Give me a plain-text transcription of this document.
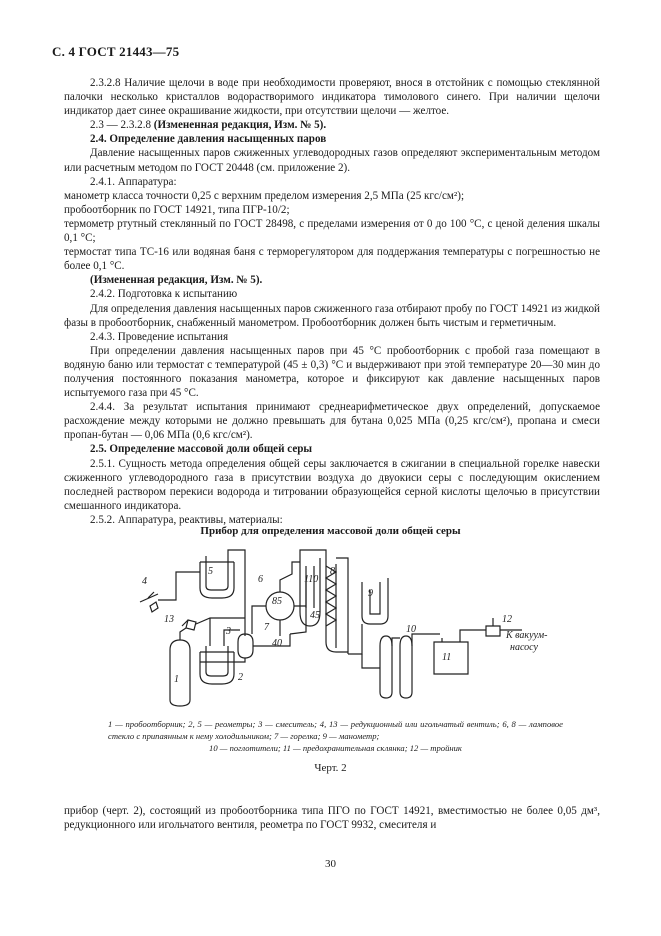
С. 4 ГОСТ 21443—75

2.3.2.8 Наличие щелочи в воде при необходимости проверяют, внося в отстойник с помощью стеклянной палочки несколько кристаллов водорастворимого индикатора тимолового синего. При наличии щелочи индикатор дает синее окрашивание жидкости, при отсутствии щелочи — желтое.

2.3 — 2.3.2.8 (Измененная редакция, Изм. № 5).

2.4. Определение давления насыщенных паров

Давление насыщенных паров сжиженных углеводородных газов определяют экспериментальным методом или расчетным методом по ГОСТ 20448 (см. приложение 2).

2.4.1. Аппаратура:

манометр класса точности 0,25 с верхним пределом измерения 2,5 МПа (25 кгс/см²);

пробоотборник по ГОСТ 14921, типа ПГР-10/2;

термометр ртутный стеклянный по ГОСТ 28498, с пределами измерения от 0 до 100 °С, с ценой деления шкалы 0,1 °С;

термостат типа ТС-16 или водяная баня с терморегулятором для поддержания температуры с погрешностью не более 0,1 °С.

(Измененная редакция, Изм. № 5).

2.4.2. Подготовка к испытанию

Для определения давления насыщенных паров сжиженного газа отбирают пробу по ГОСТ 14921 из жидкой фазы в пробоотборник, снабженный манометром. Пробоотборник должен быть чистым и герметичным.

2.4.3. Проведение испытания

При определении давления насыщенных паров при 45 °С пробоотборник с пробой газа помещают в водяную баню или термостат с температурой (45 ± 0,3) °С и выдерживают при этой температуре 20—30 мин до получения постоянного показания манометра, которое и фиксируют как давление насыщенных паров испытуемого газа при 45 °С.

2.4.4. За результат испытания принимают среднеарифметическое двух определений, допускаемое расхождение между которыми не должно превышать для бутана 0,025 МПа (0,25 кгс/см²), пропана и смеси пропан-бутан — 0,06 МПа (0,6 кгс/см²).

2.5. Определение массовой доли общей серы

2.5.1. Сущность метода определения общей серы заключается в сжигании в специальной горелке навески сжиженного углеводородного газа в присутствии воздуха до двуокиси серы с последующим окислением последней раствором перекиси водорода и титровании образующейся серной кислоты щелочью в присутствии смешанного индикатора.

2.5.2. Аппаратура, реактивы, материалы:

Прибор для определения массовой доли общей серы
1	2
3
4
5
6
7
8
9
10
11
12
13
110
85
40
45
К вакуум-
насосу
1 — пробоотборник; 2, 5 — реометры; 3 — смеситель; 4, 13 — редукционный или игольчатый вентиль; 6, 8 — ламповое стекло с припаянным к нему холодильником; 7 — горелка; 9 — манометр;
10 — поглотители; 11 — предохранительная склянка; 12 — тройник
Черт. 2

прибор (черт. 2), состоящий из пробоотборника типа ПГО по ГОСТ 14921, вместимостью не более 0,05 дм³, редукционного или игольчатого вентиля, реометра по ГОСТ 9932, смесителя и

30
